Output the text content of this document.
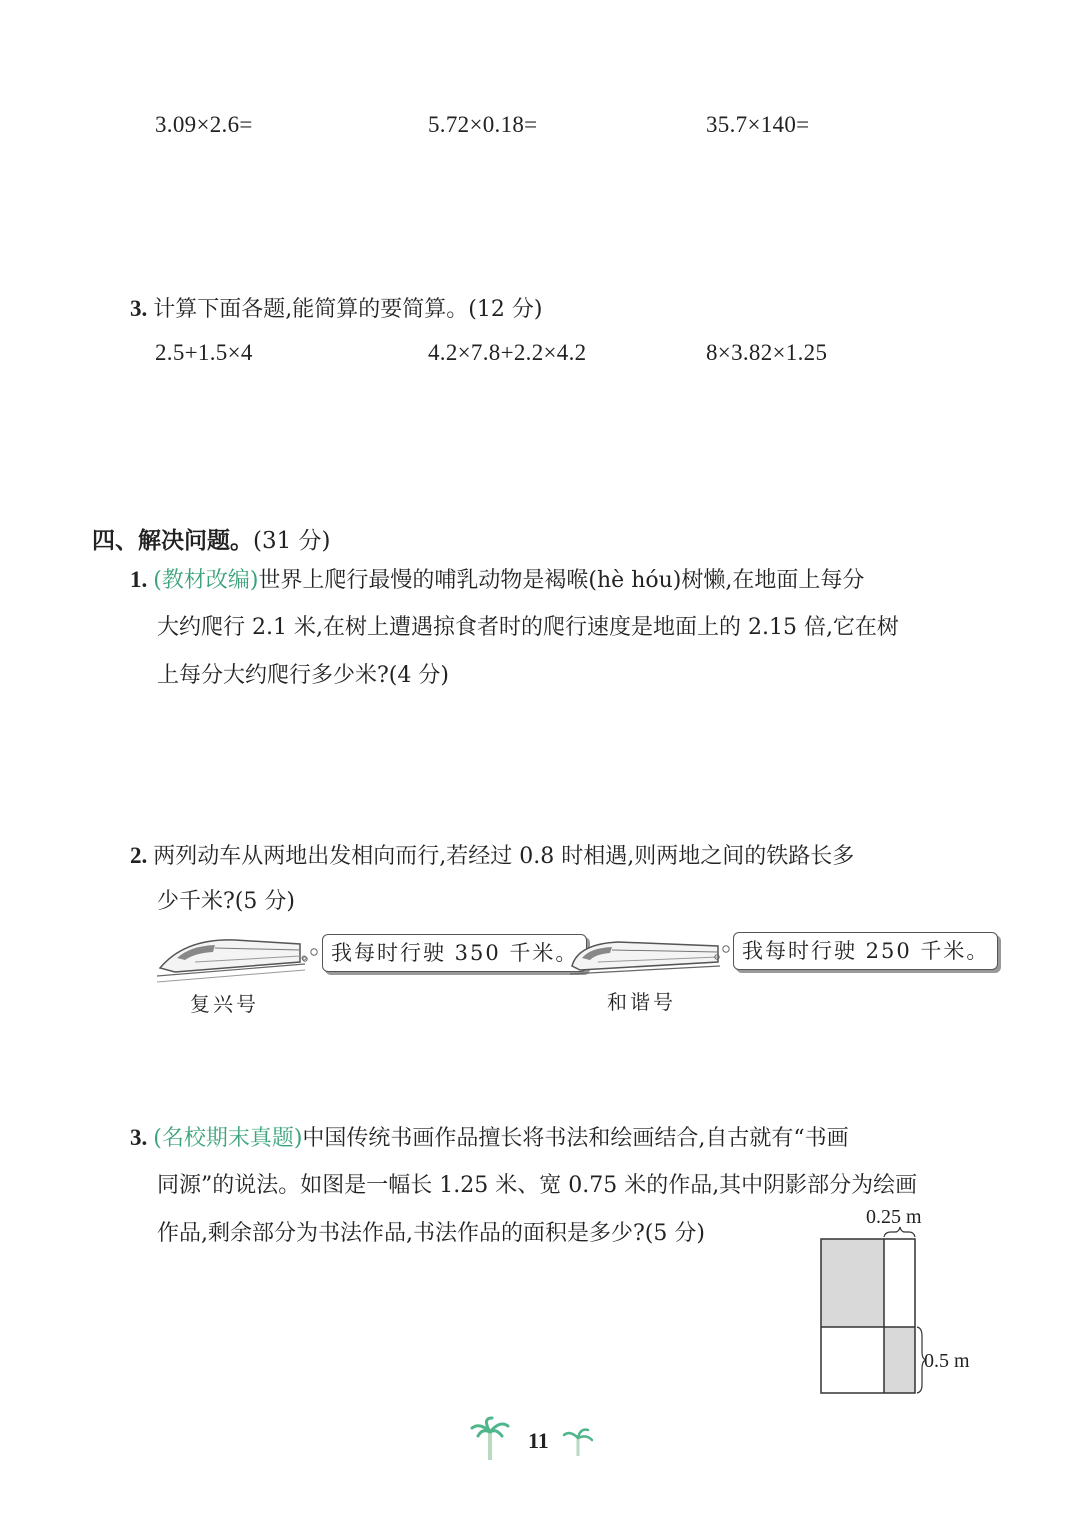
3.09×2.6=	5.72×0.18=	35.7×140=
3. 计算下面各题,能简算的要简算。(12 分)
2.5+1.5×4	4.2×7.8+2.2×4.2	8×3.82×1.25
四、解决问题。(31 分)
1. (教材改编)世界上爬行最慢的哺乳动物是褐喉(hè hóu)树懒,在地面上每分
大约爬行 2.1 米,在树上遭遇掠食者时的爬行速度是地面上的 2.15 倍,它在树
上每分大约爬行多少米?(4 分)
2. 两列动车从两地出发相向而行,若经过 0.8 时相遇,则两地之间的铁路长多
少千米?(5 分)
我每时行驶 350 千米。
复兴号
我每时行驶 250 千米。
和谐号
3. (名校期末真题)中国传统书画作品擅长将书法和绘画结合,自古就有“书画
同源”的说法。如图是一幅长 1.25 米、宽 0.75 米的作品,其中阴影部分为绘画
作品,剩余部分为书法作品,书法作品的面积是多少?(5 分)
0.25 m
0.5 m
11
